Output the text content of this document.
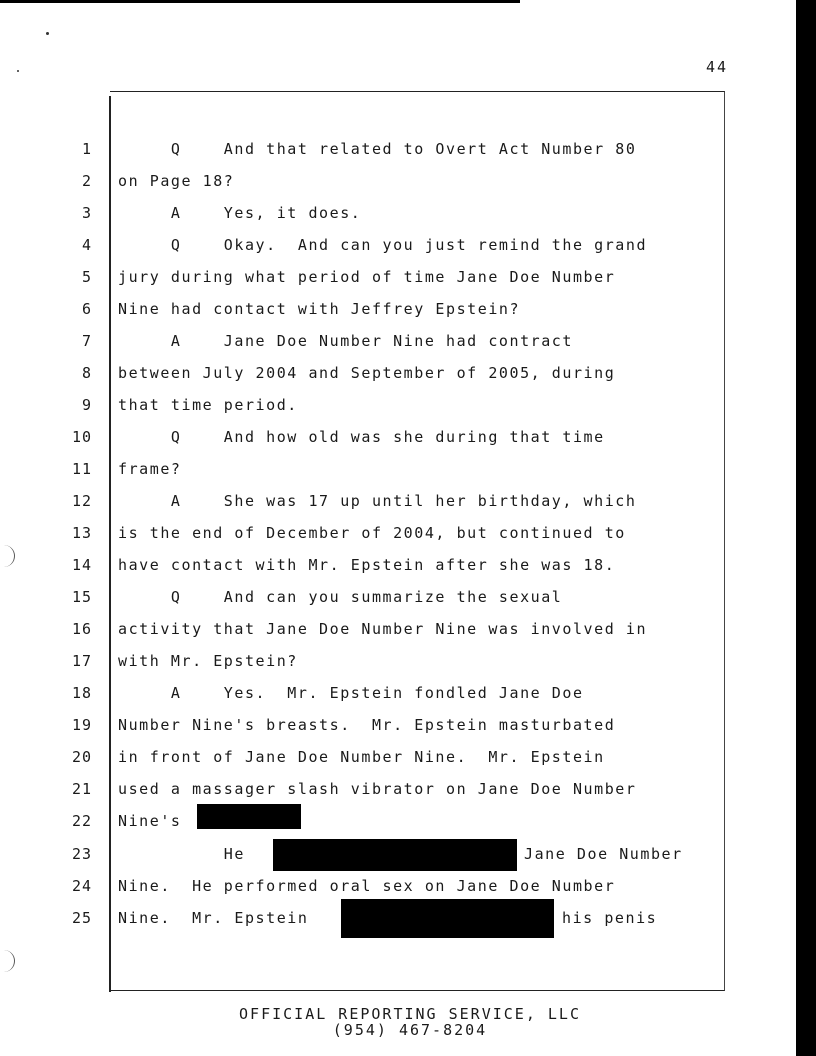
44
1 Q    And that related to Overt Act Number 80
2 on Page 18?
3 A    Yes, it does.
4 Q    Okay.  And can you just remind the grand
5 jury during what period of time Jane Doe Number
6 Nine had contact with Jeffrey Epstein?
7 A    Jane Doe Number Nine had contract
8 between July 2004 and September of 2005, during
9 that time period.
10 Q    And how old was she during that time
11 frame?
12 A    She was 17 up until her birthday, which
13 is the end of December of 2004, but continued to
14 have contact with Mr. Epstein after she was 18.
15 Q    And can you summarize the sexual
16 activity that Jane Doe Number Nine was involved in
17 with Mr. Epstein?
18 A    Yes.  Mr. Epstein fondled Jane Doe
19 Number Nine's breasts.  Mr. Epstein masturbated
20 in front of Jane Doe Number Nine.  Mr. Epstein
21 used a massager slash vibrator on Jane Doe Number
22 Nine's
23 He
24 Nine.  He performed oral sex on Jane Doe Number
25 Nine.  Mr. Epstein
Jane Doe Number
his penis
OFFICIAL REPORTING SERVICE, LLC
(954) 467-8204
